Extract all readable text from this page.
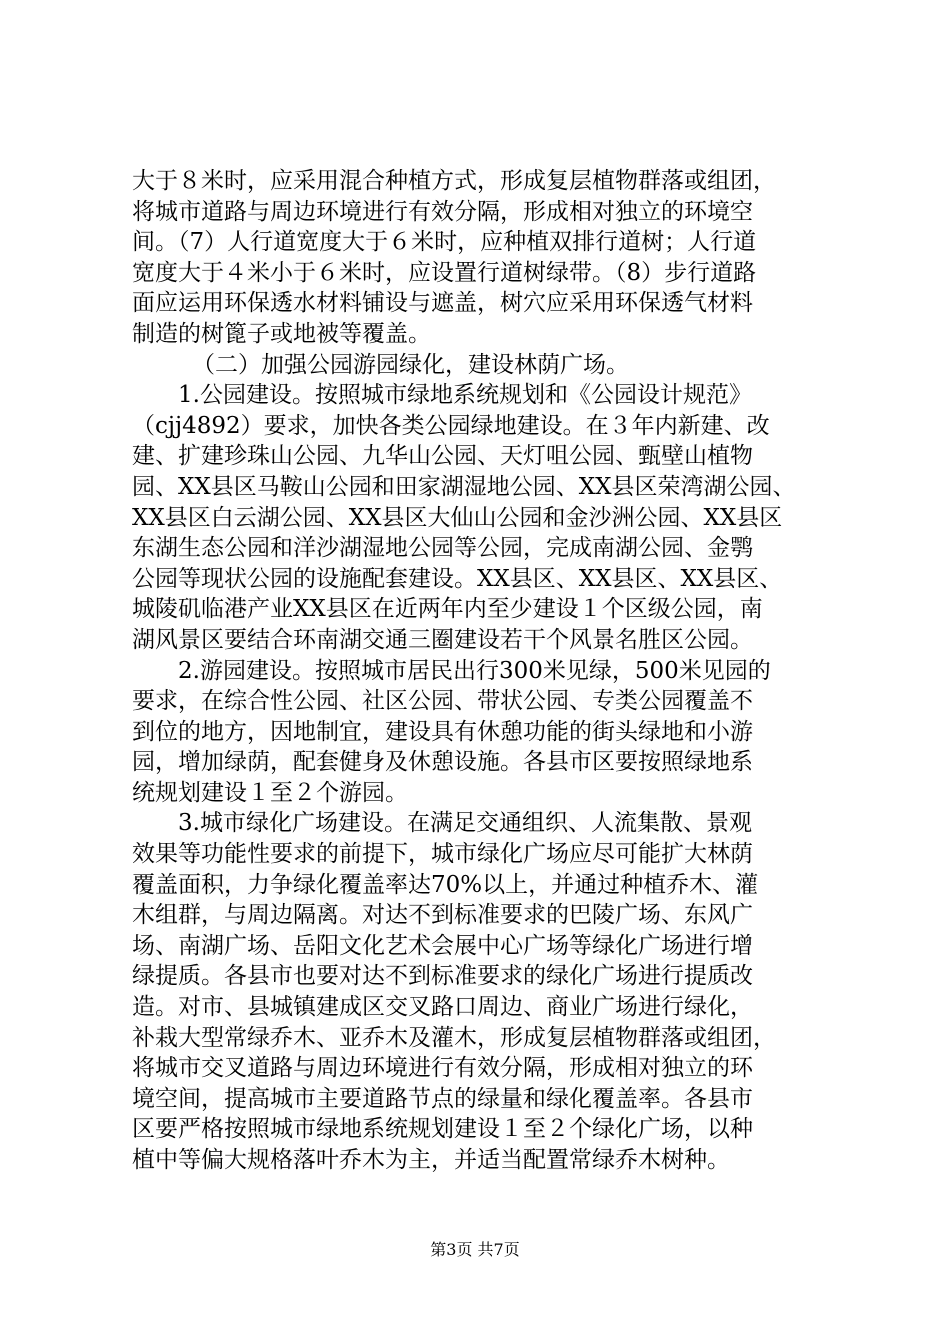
大于８米时，应采用混合种植方式，形成复层植物群落或组团，
将城市道路与周边环境进行有效分隔，形成相对独立的环境空
间。（7）人行道宽度大于６米时，应种植双排行道树；人行道
宽度大于４米小于６米时，应设置行道树绿带。（8）步行道路
面应运用环保透水材料铺设与遮盖，树穴应采用环保透气材料
制造的树篦子或地被等覆盖。
（二）加强公园游园绿化，建设林荫广场。
1.公园建设。按照城市绿地系统规划和《公园设计规范》
（cjj4892）要求，加快各类公园绿地建设。在３年内新建、改
建、扩建珍珠山公园、九华山公园、天灯咀公园、甄壁山植物
园、XX县区马鞍山公园和田家湖湿地公园、XX县区荣湾湖公园、
XX县区白云湖公园、XX县区大仙山公园和金沙洲公园、XX县区
东湖生态公园和洋沙湖湿地公园等公园，完成南湖公园、金鹗
公园等现状公园的设施配套建设。XX县区、XX县区、XX县区、
城陵矶临港产业XX县区在近两年内至少建设１个区级公园，南
湖风景区要结合环南湖交通三圈建设若干个风景名胜区公园。
2.游园建设。按照城市居民出行300米见绿，500米见园的
要求，在综合性公园、社区公园、带状公园、专类公园覆盖不
到位的地方，因地制宜，建设具有休憩功能的街头绿地和小游
园，增加绿荫，配套健身及休憩设施。各县市区要按照绿地系
统规划建设１至２个游园。
3.城市绿化广场建设。在满足交通组织、人流集散、景观
效果等功能性要求的前提下，城市绿化广场应尽可能扩大林荫
覆盖面积，力争绿化覆盖率达70%以上，并通过种植乔木、灌
木组群，与周边隔离。对达不到标准要求的巴陵广场、东风广
场、南湖广场、岳阳文化艺术会展中心广场等绿化广场进行增
绿提质。各县市也要对达不到标准要求的绿化广场进行提质改
造。对市、县城镇建成区交叉路口周边、商业广场进行绿化，
补栽大型常绿乔木、亚乔木及灌木，形成复层植物群落或组团，
将城市交叉道路与周边环境进行有效分隔，形成相对独立的环
境空间，提高城市主要道路节点的绿量和绿化覆盖率。各县市
区要严格按照城市绿地系统规划建设１至２个绿化广场，以种
植中等偏大规格落叶乔木为主，并适当配置常绿乔木树种。
第3页 共7页
